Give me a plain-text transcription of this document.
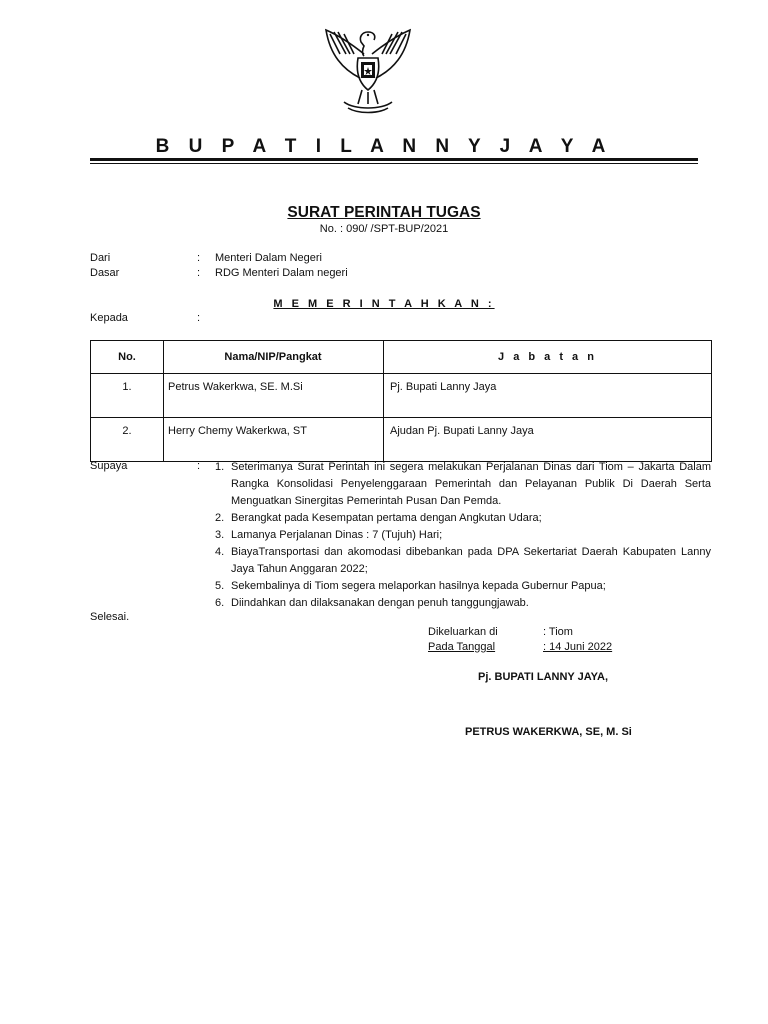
B U P A T I L A N N Y J A Y A
SURAT PERINTAH TUGAS
No. : 090/ /SPT-BUP/2021
Dari	: Menteri Dalam Negeri
Dasar	: RDG Menteri Dalam negeri
M E M E R I N T A H K A N :
Kepada	:
No.	Nama/NIP/Pangkat	J a b a t a n
1.	Petrus Wakerkwa, SE. M.Si	Pj. Bupati Lanny Jaya
2.	Herry Chemy Wakerkwa, ST	Ajudan Pj. Bupati Lanny Jaya
Supaya	: 1. Seterimanya Surat Perintah ini segera melakukan Perjalanan Dinas dari Tiom – Jakarta Dalam Rangka Konsolidasi Penyelenggaraan Pemerintah dan Pelayanan Publik Di Daerah Serta Menguatkan Sinergitas Pemerintah Pusan Dan Pemda.
2. Berangkat pada Kesempatan pertama dengan Angkutan Udara;
3. Lamanya Perjalanan Dinas : 7 (Tujuh) Hari;
4. BiayaTransportasi dan akomodasi dibebankan pada DPA Sekertariat Daerah Kabupaten Lanny Jaya Tahun Anggaran 2022;
5. Sekembalinya di Tiom segera melaporkan hasilnya kepada Gubernur Papua;
6. Diindahkan dan dilaksanakan dengan penuh tanggungjawab.
Selesai.
Dikeluarkan di	: Tiom
Pada Tanggal	: 14 Juni 2022
Pj. BUPATI LANNY JAYA,
PETRUS WAKERKWA, SE, M. Si
